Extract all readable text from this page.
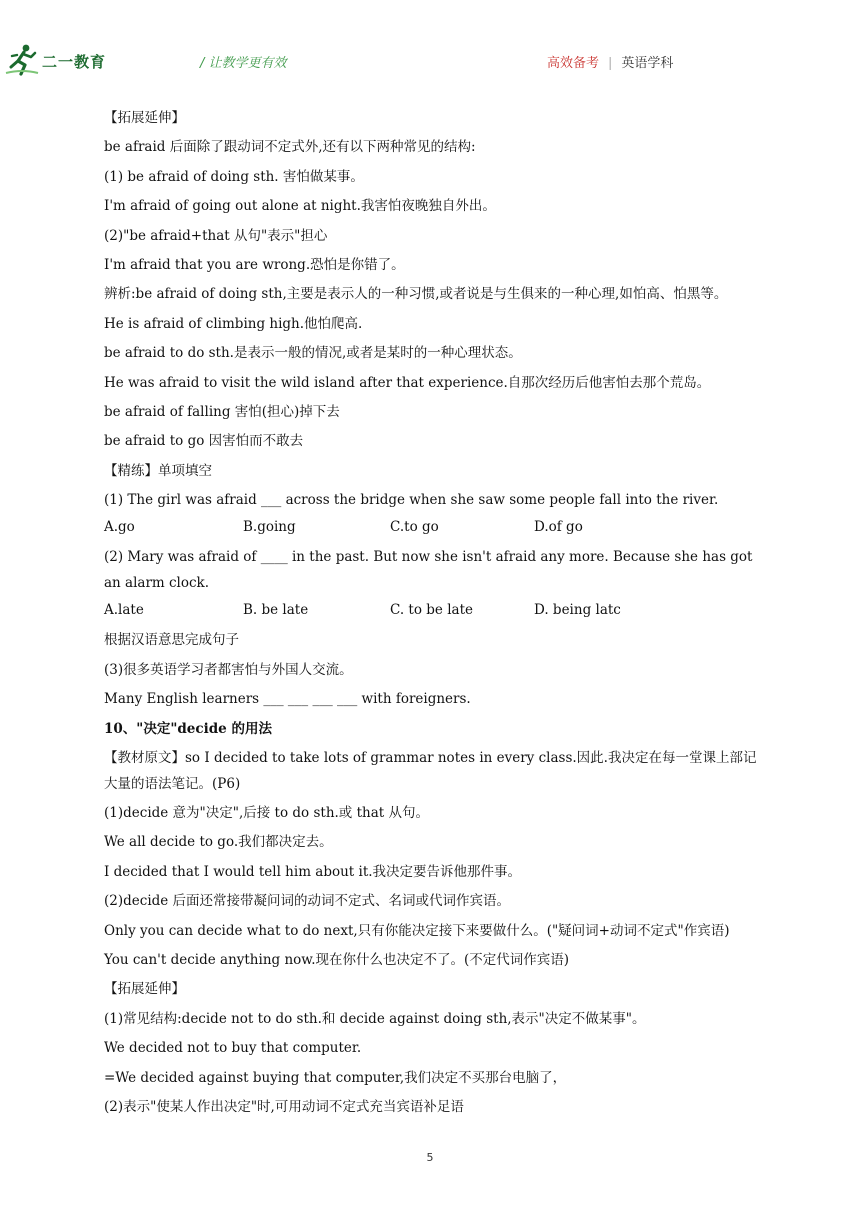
二一教育	/ 让教学更有效	高效备考 | 英语学科
【拓展延伸】
be afraid 后面除了跟动词不定式外,还有以下两种常见的结构:
(1) be afraid of doing sth. 害怕做某事。
I'm afraid of going out alone at night.我害怕夜晚独自外出。
(2)"be afraid+that 从句"表示"担心
I'm afraid that you are wrong.恐怕是你错了。
辨析:be afraid of doing sth,主要是表示人的一种习惯,或者说是与生俱来的一种心理,如怕高、怕黑等。
He is afraid of climbing high.他怕爬高.
be afraid to do sth.是表示一般的情况,或者是某时的一种心理状态。
He was afraid to visit the wild island after that experience.自那次经历后他害怕去那个荒岛。
be afraid of falling 害怕(担心)掉下去
be afraid to go 因害怕而不敢去
【精练】单项填空
(1) The girl was afraid ___ across the bridge when she saw some people fall into the river.
A.go	B.going	C.to go	D.of go
(2) Mary was afraid of ____ in the past. But now she isn't afraid any more. Because she has got an alarm clock.
A.late	B. be late	C. to be late	D. being latc
根据汉语意思完成句子
(3)很多英语学习者都害怕与外国人交流。
Many English learners ___ ___ ___ ___ with foreigners.
10、"决定"decide 的用法
【教材原文】so I decided to take lots of grammar notes in every class.因此.我决定在每一堂课上部记大量的语法笔记。(P6)
(1)decide 意为"决定",后接 to do sth.或 that 从句。
We all decide to go.我们都决定去。
I decided that I would tell him about it.我决定要告诉他那件事。
(2)decide 后面还常接带凝问词的动词不定式、名词或代词作宾语。
Only you can decide what to do next,只有你能决定接下来要做什么。("疑问词+动词不定式"作宾语)
You can't decide anything now.现在你什么也决定不了。(不定代词作宾语)
【拓展延伸】
(1)常见结构:decide not to do sth.和 decide against doing sth,表示"决定不做某事"。
We decided not to buy that computer.
=We decided against buying that computer,我们决定不买那台电脑了，
(2)表示"使某人作出决定"时,可用动词不定式充当宾语补足语
5
